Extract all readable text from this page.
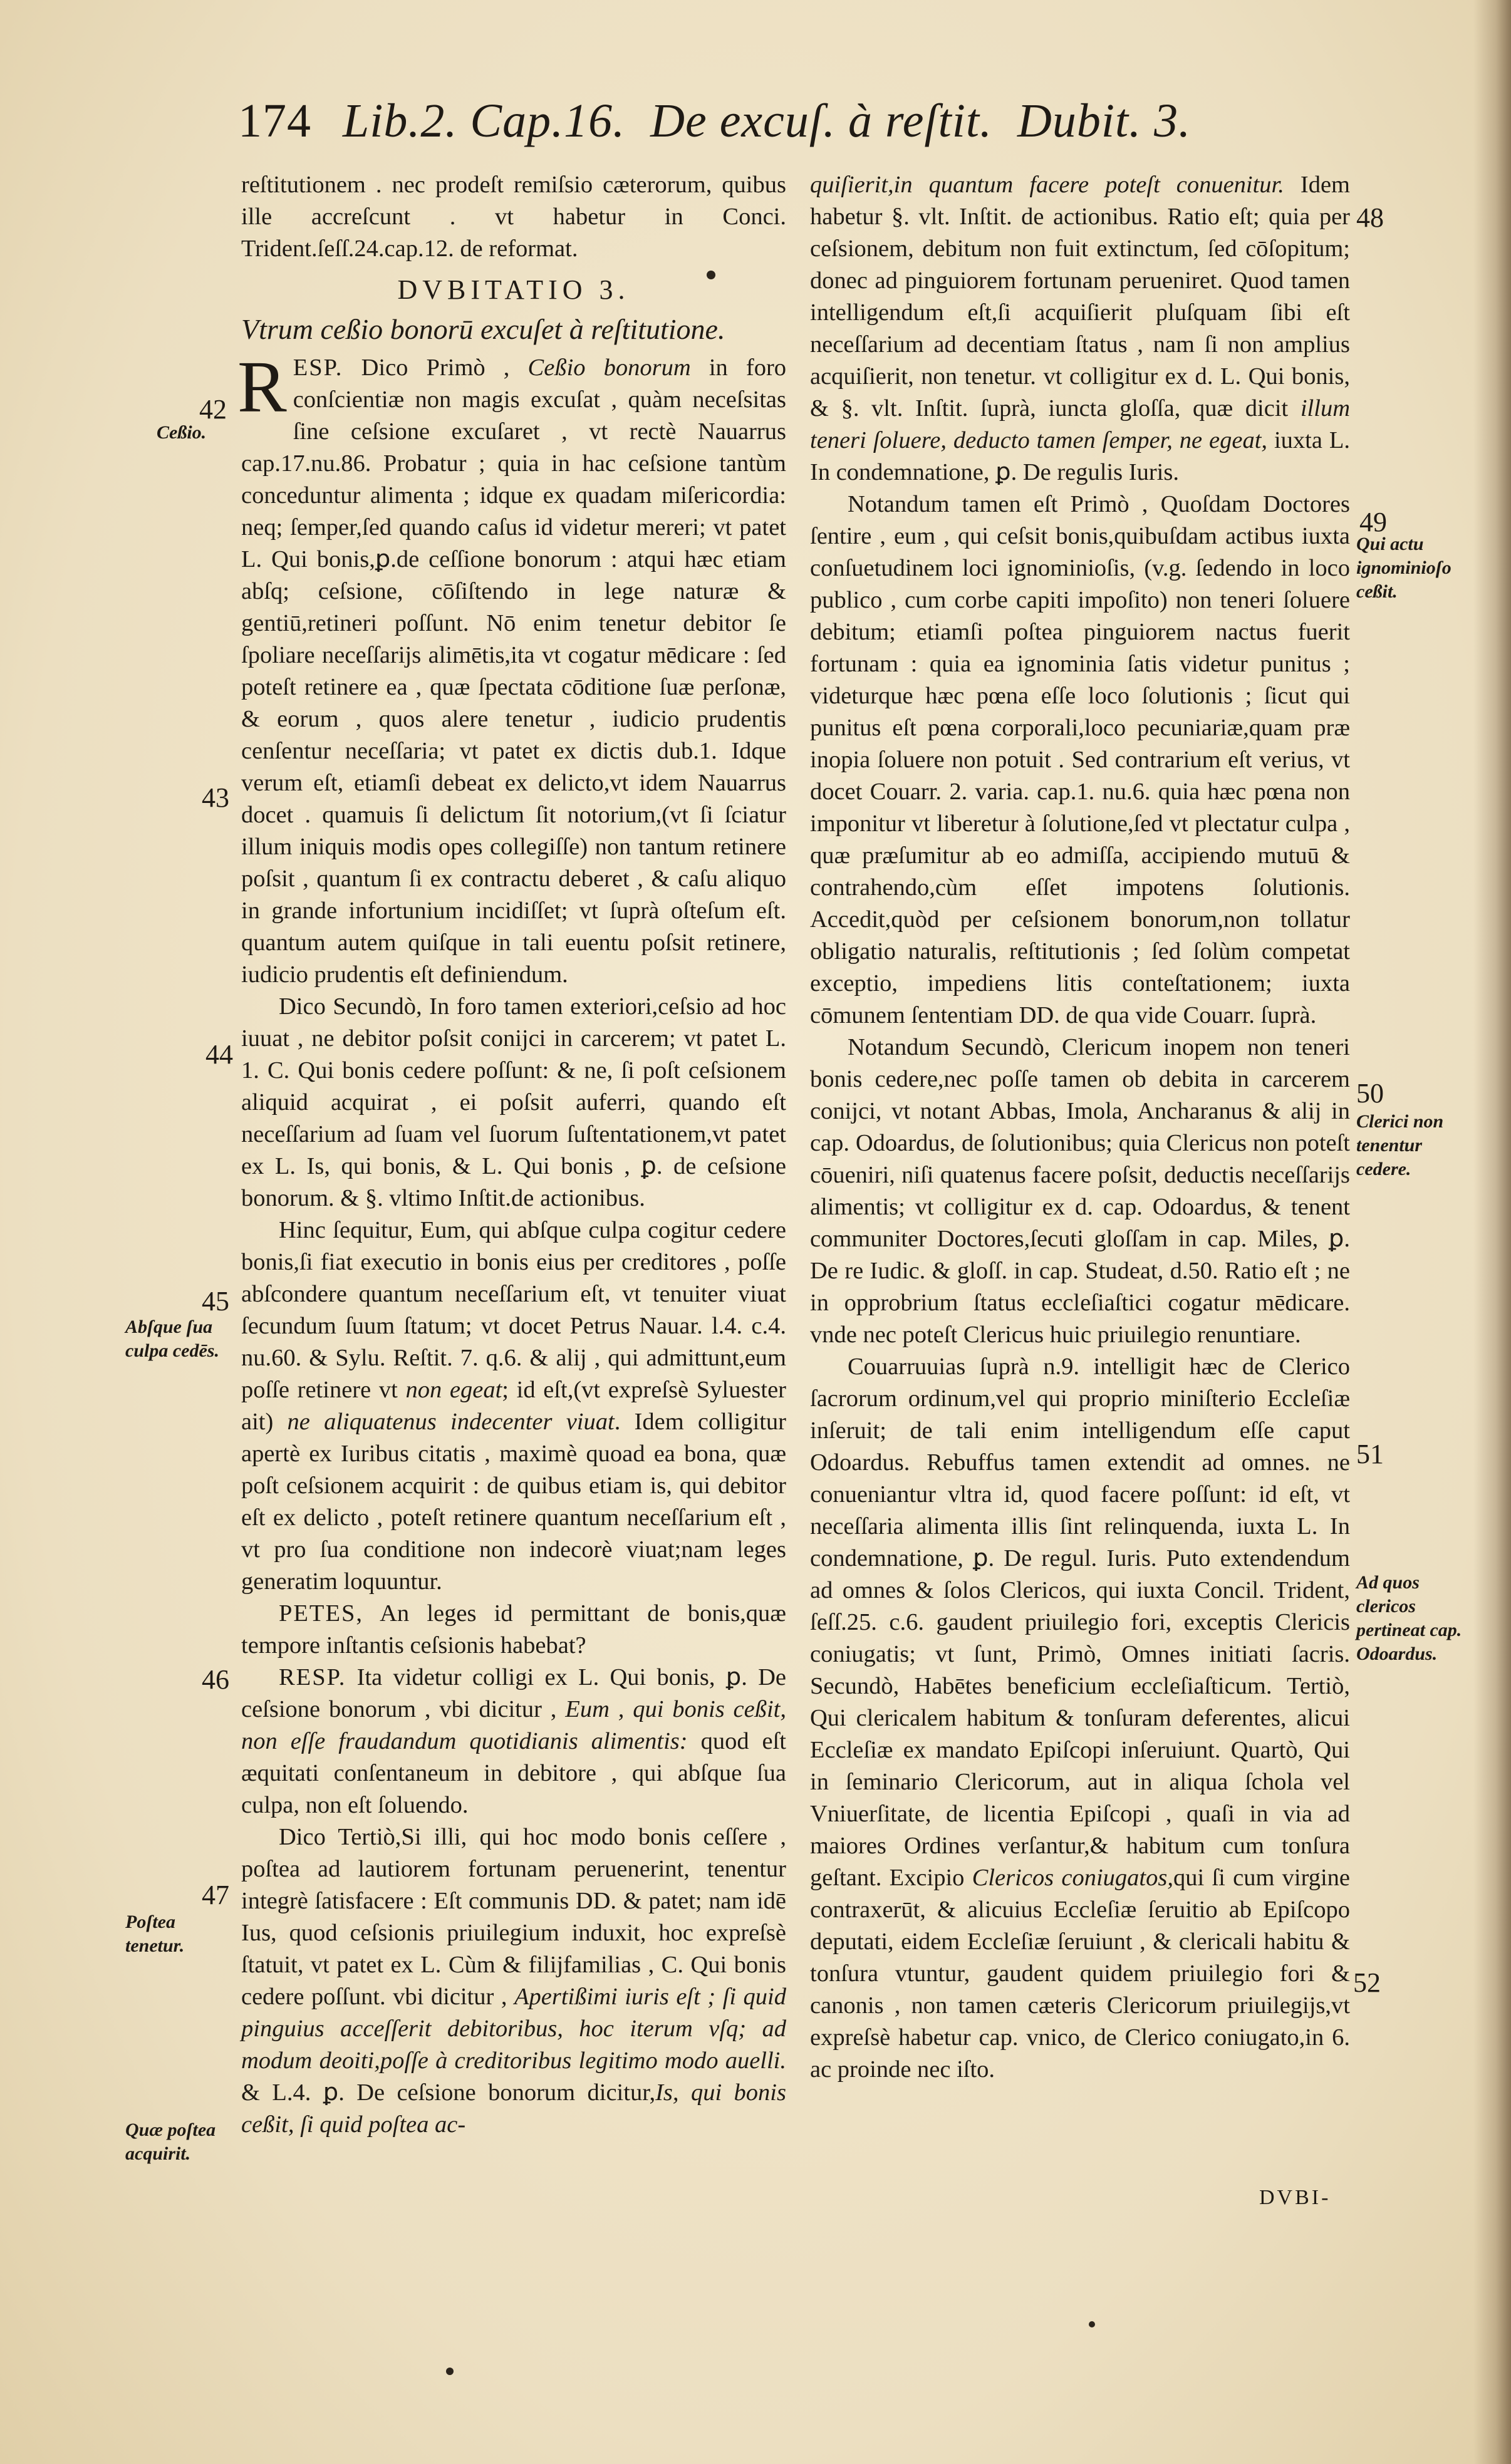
174 Lib.2. Cap.16. De excuſ. à reſtit. Dubit. 3.

reſtitutionem . nec prodeſt remiſsio cæterorum, quibus ille accreſcunt . vt habetur in Conci. Trident.ſeſſ.24.cap.12. de reformat.

DVBITATIO 3.
Vtrum ceßio bonorū excuſet à reſtitutione.

RESP. Dico Primò , Ceßio bonorum in foro conſcientiæ non magis excuſat , quàm neceſsitas ſine ceſsione excuſaret , vt rectè Nauarrus cap.17.nu.86. Probatur ; quia in hac ceſsione tantùm conceduntur alimenta ; idque ex quadam miſericordia: neq; ſemper,ſed quando caſus id videtur mereri; vt patet L. Qui bonis,ꝑ.de ceſſione bonorum : atqui hæc etiam abſq; ceſsione, cōſiſtendo in lege naturæ & gentiū,retineri poſſunt. Nō enim tenetur debitor ſe ſpoliare neceſſarijs alimētis,ita vt cogatur mēdicare : ſed poteſt retinere ea , quæ ſpectata cōditione ſuæ perſonæ, & eorum , quos alere tenetur , iudicio prudentis cenſentur neceſſaria; vt patet ex dictis dub.1. Idque verum eſt, etiamſi debeat ex delicto,vt idem Nauarrus docet . quamuis ſi delictum ſit notorium,(vt ſi ſciatur illum iniquis modis opes collegiſſe) non tantum retinere poſsit , quantum ſi ex contractu deberet , & caſu aliquo in grande infortunium incidiſſet; vt ſuprà oſteſum eſt. quantum autem quiſque in tali euentu poſsit retinere, iudicio prudentis eſt definiendum.

Dico Secundò, In foro tamen exteriori,ceſsio ad hoc iuuat , ne debitor poſsit conijci in carcerem; vt patet L. 1. C. Qui bonis cedere poſſunt: & ne, ſi poſt ceſsionem aliquid acquirat , ei poſsit auferri, quando eſt neceſſarium ad ſuam vel ſuorum ſuſtentationem,vt patet ex L. Is, qui bonis, & L. Qui bonis , ꝑ. de ceſsione bonorum. & §. vltimo Inſtit.de actionibus.

Hinc ſequitur, Eum, qui abſque culpa cogitur cedere bonis,ſi fiat executio in bonis eius per creditores , poſſe abſcondere quantum neceſſarium eſt, vt tenuiter viuat ſecundum ſuum ſtatum; vt docet Petrus Nauar. l.4. c.4. nu.60. & Sylu. Reſtit. 7. q.6. & alij , qui admittunt,eum poſſe retinere vt non egeat; id eſt,(vt expreſsè Syluester ait) ne aliquatenus indecenter viuat. Idem colligitur apertè ex Iuribus citatis , maximè quoad ea bona, quæ poſt ceſsionem acquirit : de quibus etiam is, qui debitor eſt ex delicto , poteſt retinere quantum neceſſarium eſt , vt pro ſua conditione non indecorè viuat;nam leges generatim loquuntur.

PETES, An leges id permittant de bonis,quæ tempore inſtantis ceſsionis habebat?

RESP. Ita videtur colligi ex L. Qui bonis, ꝑ. De ceſsione bonorum , vbi dicitur , Eum , qui bonis ceßit, non eſſe fraudandum quotidianis alimentis: quod eſt æquitati conſentaneum in debitore , qui abſque ſua culpa, non eſt ſoluendo.

Dico Tertiò,Si illi, qui hoc modo bonis ceſſere , poſtea ad lautiorem fortunam peruenerint, tenentur integrè ſatisfacere : Eſt communis DD. & patet; nam idē Ius, quod ceſsionis priuilegium induxit, hoc expreſsè ſtatuit, vt patet ex L. Cùm & filijfamilias , C. Qui bonis cedere poſſunt. vbi dicitur , Apertißimi iuris eſt ; ſi quid pinguius acceſſerit debitoribus, hoc iterum vſq; ad modum deoiti,poſſe à creditoribus legitimo modo auelli. & L.4. ꝑ. De ceſsione bonorum dicitur,Is, qui bonis ceßit, ſi quid poſtea ac-

quiſierit,in quantum facere poteſt conuenitur. Idem habetur §. vlt. Inſtit. de actionibus. Ratio eſt; quia per ceſsionem, debitum non fuit extinctum, ſed cōſopitum; donec ad pinguiorem fortunam perueniret. Quod tamen intelligendum eſt,ſi acquiſierit pluſquam ſibi eſt neceſſarium ad decentiam ſtatus , nam ſi non amplius acquiſierit, non tenetur. vt colligitur ex d. L. Qui bonis, & §. vlt. Inſtit. ſuprà, iuncta gloſſa, quæ dicit illum teneri ſoluere, deducto tamen ſemper, ne egeat, iuxta L. In condemnatione, ꝑ. De regulis Iuris.

Notandum tamen eſt Primò , Quoſdam Doctores ſentire , eum , qui ceſsit bonis,quibuſdam actibus iuxta conſuetudinem loci ignominioſis, (v.g. ſedendo in loco publico , cum corbe capiti impoſito) non teneri ſoluere debitum; etiamſi poſtea pinguiorem nactus fuerit fortunam : quia ea ignominia ſatis videtur punitus ; videturque hæc pœna eſſe loco ſolutionis ; ſicut qui punitus eſt pœna corporali,loco pecuniariæ,quam præ inopia ſoluere non potuit . Sed contrarium eſt verius, vt docet Couarr. 2. varia. cap.1. nu.6. quia hæc pœna non imponitur vt liberetur à ſolutione,ſed vt plectatur culpa , quæ præſumitur ab eo admiſſa, accipiendo mutuū & contrahendo,cùm eſſet impotens ſolutionis. Accedit,quòd per ceſsionem bonorum,non tollatur obligatio naturalis, reſtitutionis ; ſed ſolùm competat exceptio, impediens litis conteſtationem; iuxta cōmunem ſententiam DD. de qua vide Couarr. ſuprà.

Notandum Secundò, Clericum inopem non teneri bonis cedere,nec poſſe tamen ob debita in carcerem conijci, vt notant Abbas, Imola, Ancharanus & alij in cap. Odoardus, de ſolutionibus; quia Clericus non poteſt cōueniri, niſi quatenus facere poſsit, deductis neceſſarijs alimentis; vt colligitur ex d. cap. Odoardus, & tenent communiter Doctores,ſecuti gloſſam in cap. Miles, ꝑ. De re Iudic. & gloſſ. in cap. Studeat, d.50. Ratio eſt ; ne in opprobrium ſtatus eccleſiaſtici cogatur mēdicare. vnde nec poteſt Clericus huic priuilegio renuntiare.

Couarruuias ſuprà n.9. intelligit hæc de Clerico ſacrorum ordinum,vel qui proprio miniſterio Eccleſiæ inſeruit; de tali enim intelligendum eſſe caput Odoardus. Rebuffus tamen extendit ad omnes. ne conueniantur vltra id, quod facere poſſunt: id eſt, vt neceſſaria alimenta illis ſint relinquenda, iuxta L. In condemnatione, ꝑ. De regul. Iuris. Puto extendendum ad omnes & ſolos Clericos, qui iuxta Concil. Trident, ſeſſ.25. c.6. gaudent priuilegio fori, exceptis Clericis coniugatis; vt ſunt, Primò, Omnes initiati ſacris. Secundò, Habētes beneficium eccleſiaſticum. Tertiò, Qui clericalem habitum & tonſuram deferentes, alicui Eccleſiæ ex mandato Epiſcopi inſeruiunt. Quartò, Qui in ſeminario Clericorum, aut in aliqua ſchola vel Vniuerſitate, de licentia Epiſcopi , quaſi in via ad maiores Ordines verſantur,& habitum cum tonſura geſtant. Excipio Clericos coniugatos,qui ſi cum virgine contraxerūt, & alicuius Eccleſiæ ſeruitio ab Epiſcopo deputati, eidem Eccleſiæ ſeruiunt , & clericali habitu & tonſura vtuntur, gaudent quidem priuilegio fori & canonis , non tamen cæteris Clericorum priuilegijs,vt expreſsè habetur cap. vnico, de Clerico coniugato,in 6. ac proinde nec iſto.

42
43
44
45
46
47
48
49
50
51
52
Ceßio.
Abſque ſua culpa cedēs.
Poſtea tenetur.
Quæ poſtea acquirit.
Qui actu ignominioſo ceßit.
Clerici non tenentur cedere.
Ad quos clericos pertineat cap. Odoardus.
DVBI-
